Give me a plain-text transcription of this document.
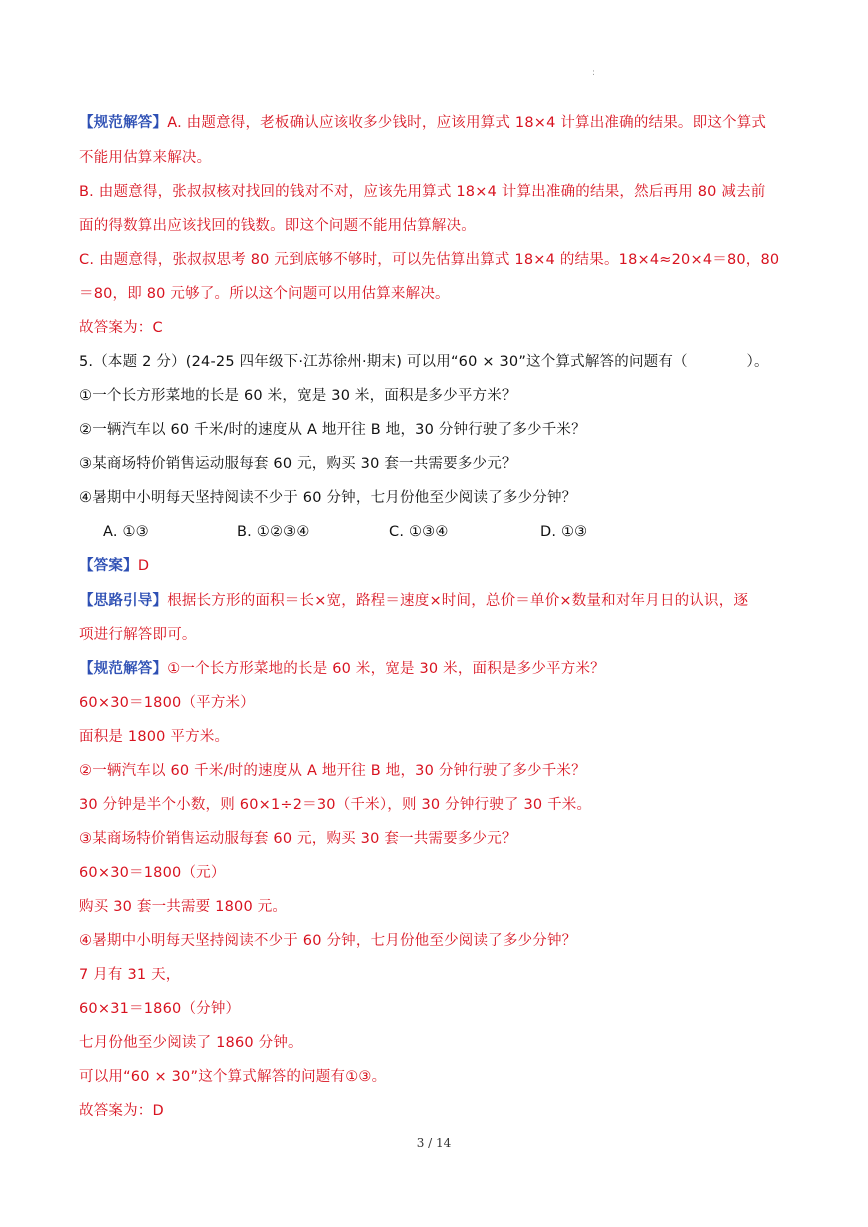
:
【规范解答】A. 由题意得，老板确认应该收多少钱时，应该用算式 18×4 计算出准确的结果。即这个算式
不能用估算来解决。
B. 由题意得，张叔叔核对找回的钱对不对，应该先用算式 18×4 计算出准确的结果，然后再用 80 减去前
面的得数算出应该找回的钱数。即这个问题不能用估算解决。
C. 由题意得，张叔叔思考 80 元到底够不够时，可以先估算出算式 18×4 的结果。18×4≈20×4＝80，80
＝80，即 80 元够了。所以这个问题可以用估算来解决。
故答案为：C
5.（本题 2 分）(24-25 四年级下·江苏徐州·期末) 可以用“60 × 30”这个算式解答的问题有（　　　　）。
①一个长方形菜地的长是 60 米，宽是 30 米，面积是多少平方米？
②一辆汽车以 60 千米/时的速度从 A 地开往 B 地，30 分钟行驶了多少千米？
③某商场特价销售运动服每套 60 元，购买 30 套一共需要多少元？
④暑期中小明每天坚持阅读不少于 60 分钟，七月份他至少阅读了多少分钟？
A. ①③	B. ①②③④	C. ①③④	D. ①③
【答案】D
【思路引导】根据长方形的面积＝长×宽，路程＝速度×时间，总价＝单价×数量和对年月日的认识，逐
项进行解答即可。
【规范解答】①一个长方形菜地的长是 60 米，宽是 30 米，面积是多少平方米？
60×30＝1800（平方米）
面积是 1800 平方米。
②一辆汽车以 60 千米/时的速度从 A 地开往 B 地，30 分钟行驶了多少千米？
30 分钟是半个小数，则 60×1÷2＝30（千米），则 30 分钟行驶了 30 千米。
③某商场特价销售运动服每套 60 元，购买 30 套一共需要多少元？
60×30＝1800（元）
购买 30 套一共需要 1800 元。
④暑期中小明每天坚持阅读不少于 60 分钟，七月份他至少阅读了多少分钟？
7 月有 31 天，
60×31＝1860（分钟）
七月份他至少阅读了 1860 分钟。
可以用“60 × 30”这个算式解答的问题有①③。
故答案为：D
3 / 14
